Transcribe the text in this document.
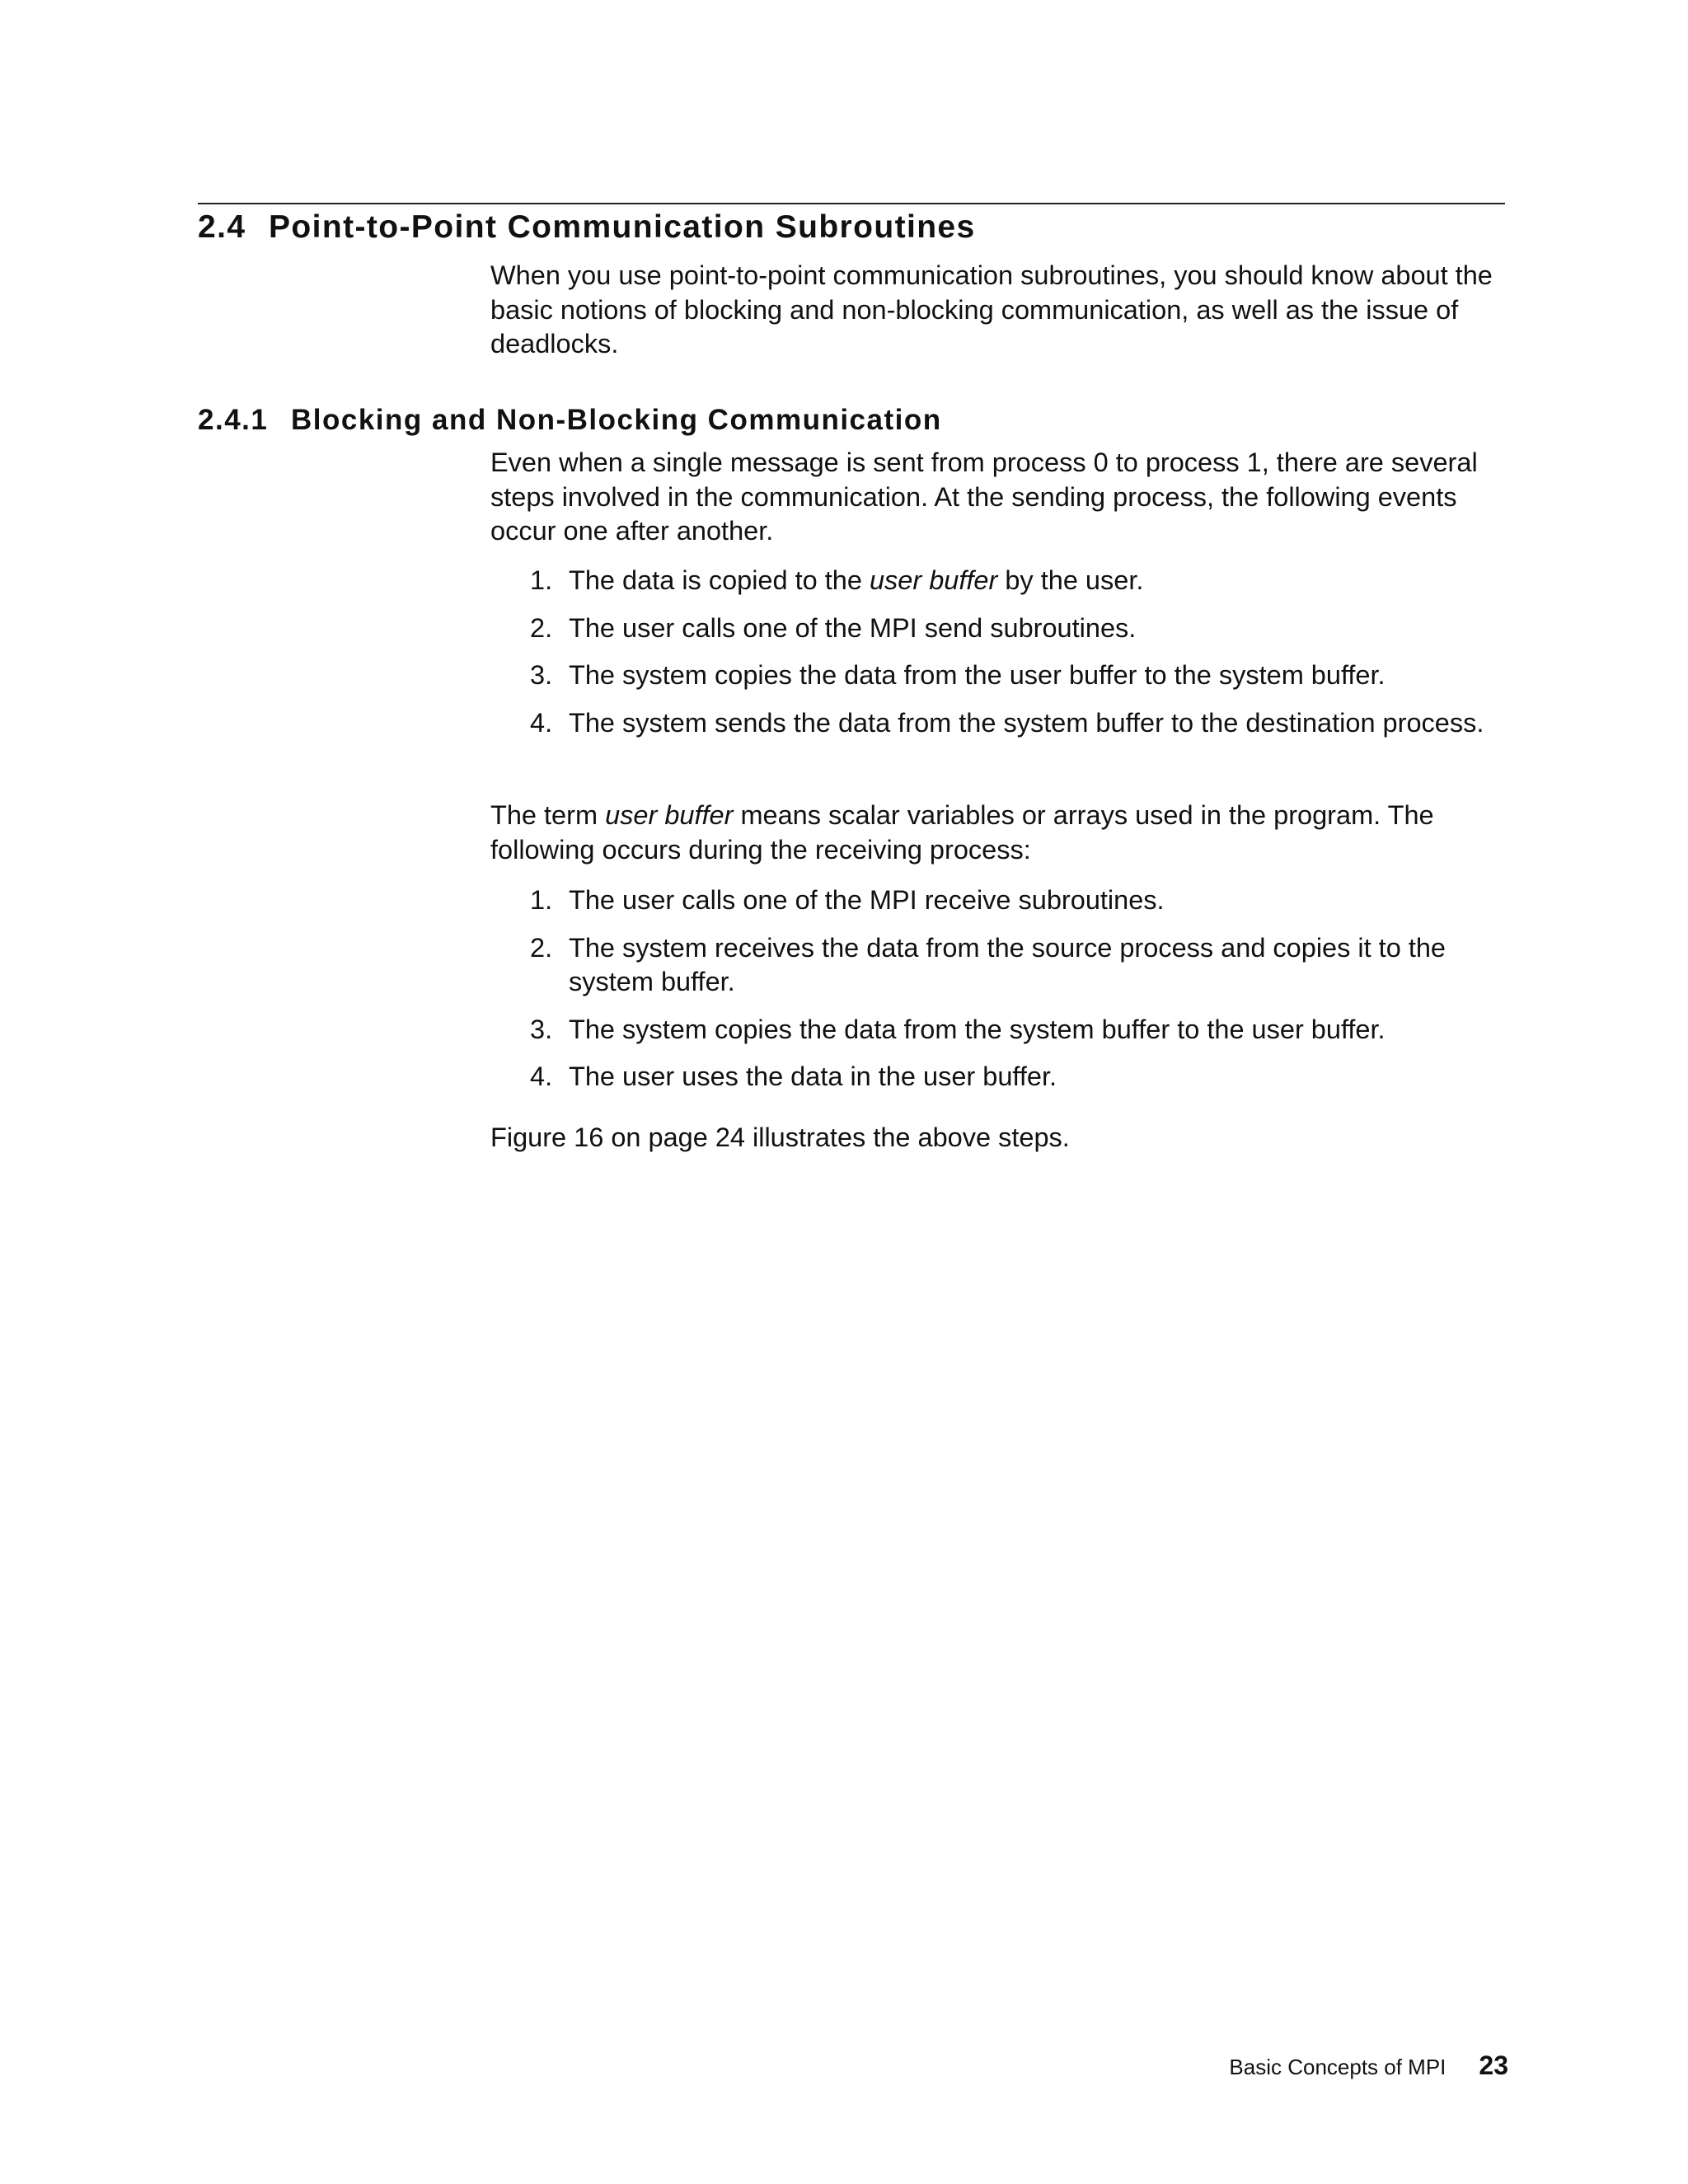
2.4 Point-to-Point Communication Subroutines

When you use point-to-point communication subroutines, you should know about the basic notions of blocking and non-blocking communication, as well as the issue of deadlocks.

2.4.1 Blocking and Non-Blocking Communication

Even when a single message is sent from process 0 to process 1, there are several steps involved in the communication. At the sending process, the following events occur one after another.

1. The data is copied to the user buffer by the user.
2. The user calls one of the MPI send subroutines.
3. The system copies the data from the user buffer to the system buffer.
4. The system sends the data from the system buffer to the destination process.

The term user buffer means scalar variables or arrays used in the program. The following occurs during the receiving process:

1. The user calls one of the MPI receive subroutines.
2. The system receives the data from the source process and copies it to the system buffer.
3. The system copies the data from the system buffer to the user buffer.
4. The user uses the data in the user buffer.

Figure 16 on page 24 illustrates the above steps.

Basic Concepts of MPI 23
